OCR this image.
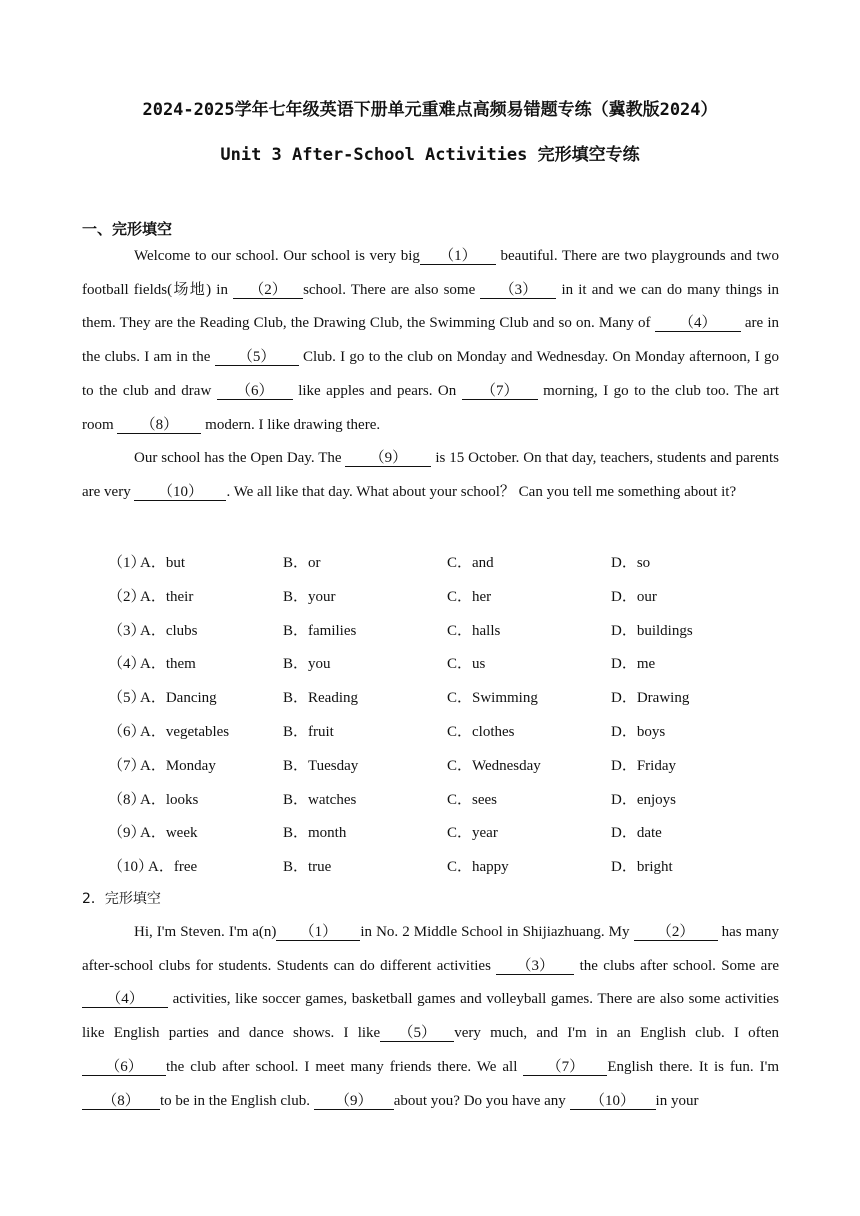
2024-2025学年七年级英语下册单元重难点高频易错题专练（冀教版2024）
Unit 3 After-School Activities 完形填空专练
一、完形填空

Welcome to our school. Our school is very big （1） beautiful. There are two playgrounds and two football fields(场地) in （2） school. There are also some （3） in it and we can do many things in them. They are the Reading Club, the Drawing Club, the Swimming Club and so on. Many of （4） are in the clubs. I am in the （5） Club. I go to the club on Monday and Wednesday. On Monday afternoon, I go to the club and draw （6） like apples and pears. On （7） morning, I go to the club too. The art room （8） modern. I like drawing there.

Our school has the Open Day. The （9） is 15 October. On that day, teachers, students and parents are very （10） . We all like that day. What about your school？ Can you tell me something about it?

（1）
A．but	B．or	C．and	D．so
（2）
A．their	B．your	C．her	D．our
（3）
A．clubs	B．families	C．halls	D．buildings
（4）
A．them	B．you	C．us	D．me
（5）
A．Dancing	B．Reading	C．Swimming	D．Drawing
（6）
A．vegetables	B．fruit	C．clothes	D．boys
（7）
A．Monday	B．Tuesday	C．Wednesday	D．Friday
（8）
A．looks	B．watches	C．sees	D．enjoys
（9）
A．week	B．month	C．year	D．date
（10）
A．free	B．true	C．happy	D．bright
2．完形填空

Hi, I'm Steven. I'm a(n) （1） in No. 2 Middle School in Shijiazhuang. My （2） has many after-school clubs for students. Students can do different activities （3） the clubs after school. Some are （4） activities, like soccer games, basketball games and volleyball games. There are also some activities like English parties and dance shows. I like （5） very much, and I'm in an English club. I often （6） the club after school. I meet many friends there. We all （7） English there. It is fun. I'm（8） to be in the English club. （9） about you? Do you have any （10） in your
